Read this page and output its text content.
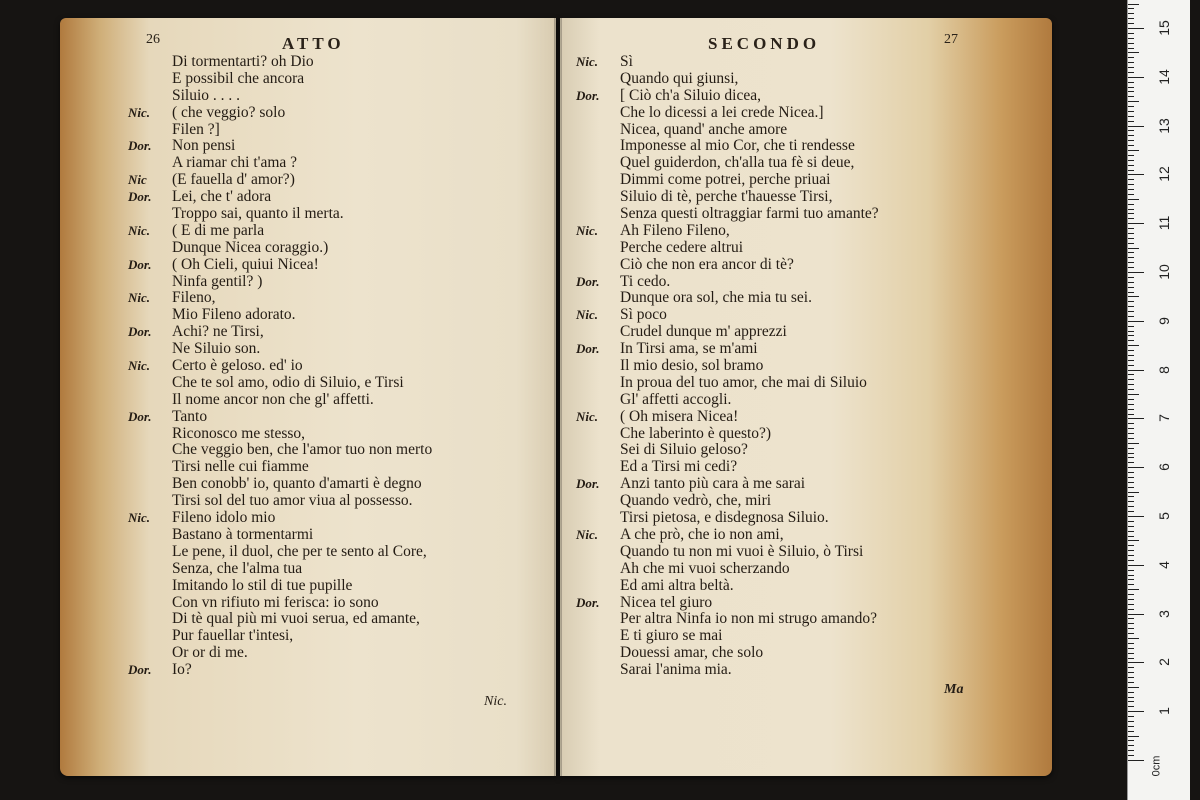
26	ATTO
Di tormentarti? oh Dio
E possibil che ancora
Siluio . . . .
Nic. ( che veggio? solo
Filen ?]
Dor. Non pensi
A riamar chi t'ama ?
Nic (E fauella d' amor?)
Dor. Lei, che t' adora
Troppo sai, quanto il merta.
Nic. ( E di me parla
Dunque Nicea coraggio.)
Dor. ( Oh Cieli, quiui Nicea!
Ninfa gentil? )
Nic. Fileno,
Mio Fileno adorato.
Dor. Achi? ne Tirsi,
Ne Siluio son.
Nic. Certo è geloso. ed' io
Che te sol amo, odio di Siluio, e Tirsi
Il nome ancor non che gl' affetti.
Dor. Tanto
Riconosco me stesso,
Che veggio ben, che l'amor tuo non merto
Tirsi nelle cui fiamme
Ben conobb' io, quanto d'amarti è degno
Tirsi sol del tuo amor viua al possesso.
Nic. Fileno idolo mio
Bastano à tormentarmi
Le pene, il duol, che per te sento al Core,
Senza, che l'alma tua
Imitando lo stil di tue pupille
Con vn rifiuto mi ferisca: io sono
Di tè qual più mi vuoi serua, ed amante,
Pur fauellar t'intesi,
Or or di me.
Dor. Io?
Nic.
SECONDO	27
Nic. Sì
Quando qui giunsi,
Dor. [ Ciò ch'a Siluio dicea,
Che lo dicessi a lei crede Nicea.]
Nicea, quand' anche amore
Imponesse al mio Cor, che ti rendesse
Quel guiderdon, ch'alla tua fè si deue,
Dimmi come potrei, perche priuai
Siluio di tè, perche t'hauesse Tirsi,
Senza questi oltraggiar farmi tuo amante?
Nic. Ah Fileno Fileno,
Perche cedere altrui
Ciò che non era ancor di tè?
Dor. Ti cedo.
Dunque ora sol, che mia tu sei.
Nic. Sì poco
Crudel dunque m' apprezzi
Dor. In Tirsi ama, se m'ami
Il mio desio, sol bramo
In proua del tuo amor, che mai di Siluio
Gl' affetti accogli.
Nic. ( Oh misera Nicea!
Che laberinto è questo?)
Sei di Siluio geloso?
Ed a Tirsi mi cedi?
Dor. Anzi tanto più cara à me sarai
Quando vedrò, che, miri
Tirsi pietosa, e disdegnosa Siluio.
Nic. A che prò, che io non ami,
Quando tu non mi vuoi è Siluio, ò Tirsi
Ah che mi vuoi scherzando
Ed ami altra beltà.
Dor. Nicea tel giuro
Per altra Ninfa io non mi strugo amando?
E ti giuro se mai
Douessi amar, che solo
Sarai l'anima mia.
Ma
0cm
1
2
3
4
5
6
7
8
9
10
11
12
13
14
15
